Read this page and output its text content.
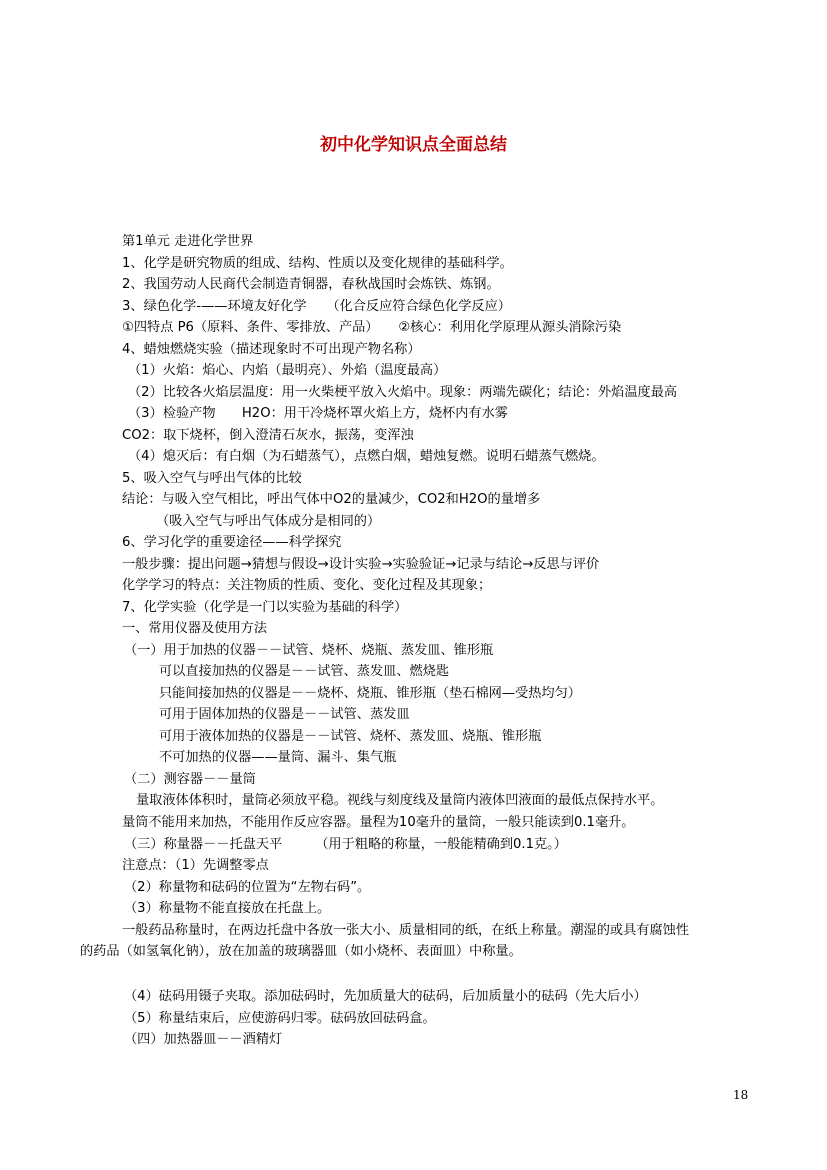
初中化学知识点全面总结

第1单元 走进化学世界

1、化学是研究物质的组成、结构、性质以及变化规律的基础科学。

2、我国劳动人民商代会制造青铜器，春秋战国时会炼铁、炼钢。

3、绿色化学-——环境友好化学　　（化合反应符合绿色化学反应）

①四特点 P6（原料、条件、零排放、产品）　　②核心：利用化学原理从源头消除污染

4、蜡烛燃烧实验（描述现象时不可出现产物名称）

（1）火焰：焰心、内焰（最明亮）、外焰（温度最高）

（2）比较各火焰层温度：用一火柴梗平放入火焰中。现象：两端先碳化；结论：外焰温度最高

（3）检验产物　　H2O：用干冷烧杯罩火焰上方，烧杯内有水雾

CO2：取下烧杯，倒入澄清石灰水，振荡，变浑浊

（4）熄灭后：有白烟（为石蜡蒸气），点燃白烟，蜡烛复燃。说明石蜡蒸气燃烧。

5、吸入空气与呼出气体的比较

结论：与吸入空气相比，呼出气体中O2的量减少，CO2和H2O的量增多

（吸入空气与呼出气体成分是相同的）

6、学习化学的重要途径——科学探究

一般步骤：提出问题→猜想与假设→设计实验→实验验证→记录与结论→反思与评价

化学学习的特点：关注物质的性质、变化、变化过程及其现象；

7、化学实验（化学是一门以实验为基础的科学）

一、常用仪器及使用方法

（一）用于加热的仪器－－试管、烧杯、烧瓶、蒸发皿、锥形瓶

可以直接加热的仪器是－－试管、蒸发皿、燃烧匙

只能间接加热的仪器是－－烧杯、烧瓶、锥形瓶（垫石棉网—受热均匀）

可用于固体加热的仪器是－－试管、蒸发皿

可用于液体加热的仪器是－－试管、烧杯、蒸发皿、烧瓶、锥形瓶

不可加热的仪器——量筒、漏斗、集气瓶

（二）测容器－－量筒

量取液体体积时，量筒必须放平稳。视线与刻度线及量筒内液体凹液面的最低点保持水平。

量筒不能用来加热，不能用作反应容器。量程为10毫升的量筒，一般只能读到0.1毫升。

（三）称量器－－托盘天平　　　（用于粗略的称量，一般能精确到0.1克。）

注意点：（1）先调整零点

（2）称量物和砝码的位置为“左物右码”。

（3）称量物不能直接放在托盘上。

一般药品称量时，在两边托盘中各放一张大小、质量相同的纸，在纸上称量。潮湿的或具有腐蚀性

的药品（如氢氧化钠），放在加盖的玻璃器皿（如小烧杯、表面皿）中称量。

（4）砝码用镊子夹取。添加砝码时，先加质量大的砝码，后加质量小的砝码（先大后小）

（5）称量结束后，应使游码归零。砝码放回砝码盒。

（四）加热器皿－－酒精灯

18
